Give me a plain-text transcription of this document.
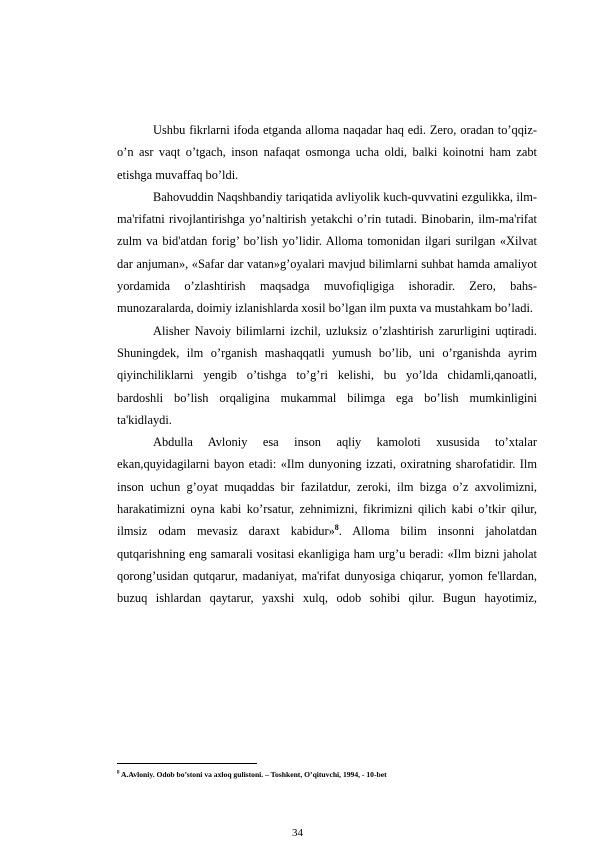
Ushbu fikrlarni ifoda etganda alloma naqadar haq edi. Zero, oradan to’qqiz-o’n asr vaqt o’tgach, inson nafaqat osmonga ucha oldi, balki koinotni ham zabt etishga muvaffaq bo’ldi.

Bahovuddin Naqshbandiy tariqatida avliyolik kuch-quvvatini ezgulikka, ilm-ma'rifatni rivojlantirishga yo’naltirish yetakchi o’rin tutadi. Binobarin, ilm-ma'rifat zulm va bid'atdan forig’ bo’lish yo’lidir. Alloma tomonidan ilgari surilgan «Xilvat dar anjuman», «Safar dar vatan»g’oyalari mavjud bilimlarni suhbat hamda amaliyot yordamida o’zlashtirish maqsadga muvofiqligiga ishoradir. Zero, bahs-munozaralarda, doimiy izlanishlarda xosil bo’lgan ilm puxta va mustahkam bo’ladi.

Alisher Navoiy bilimlarni izchil, uzluksiz o’zlashtirish zarurligini uqtiradi. Shuningdek, ilm o’rganish mashaqqatli yumush bo’lib, uni o’rganishda ayrim qiyinchiliklarni yengib o’tishga to’g’ri kelishi, bu yo’lda chidamli,qanoatli, bardoshli bo’lish orqaligina mukammal bilimga ega bo’lish mumkinligini ta'kidlaydi.

Abdulla Avloniy esa inson aqliy kamoloti xususida to’xtalar ekan,quyidagilarni bayon etadi: «Ilm dunyoning izzati, oxiratning sharofatidir. Ilm inson uchun g’oyat muqaddas bir fazilatdur, zeroki, ilm bizga o’z axvolimizni, harakatimizni oyna kabi ko’rsatur, zehnimizni, fikrimizni qilich kabi o’tkir qilur, ilmsiz odam mevasiz daraxt kabidur»$^8$. Alloma bilim insonni jaholatdan qutqarishning eng samarali vositasi ekanligiga ham urg’u beradi: «Ilm bizni jaholat qorong’usidan qutqarur, madaniyat, ma'rifat dunyosiga chiqarur, yomon fe'llardan, buzuq ishlardan qaytarur, yaxshi xulq, odob sohibi qilur. Bugun hayotimiz,

$^8$ A.Avloniy. Odob bo’stoni va axloq gulistoni. – Toshkent, O’qituvchi, 1994, - 10-bet
34
